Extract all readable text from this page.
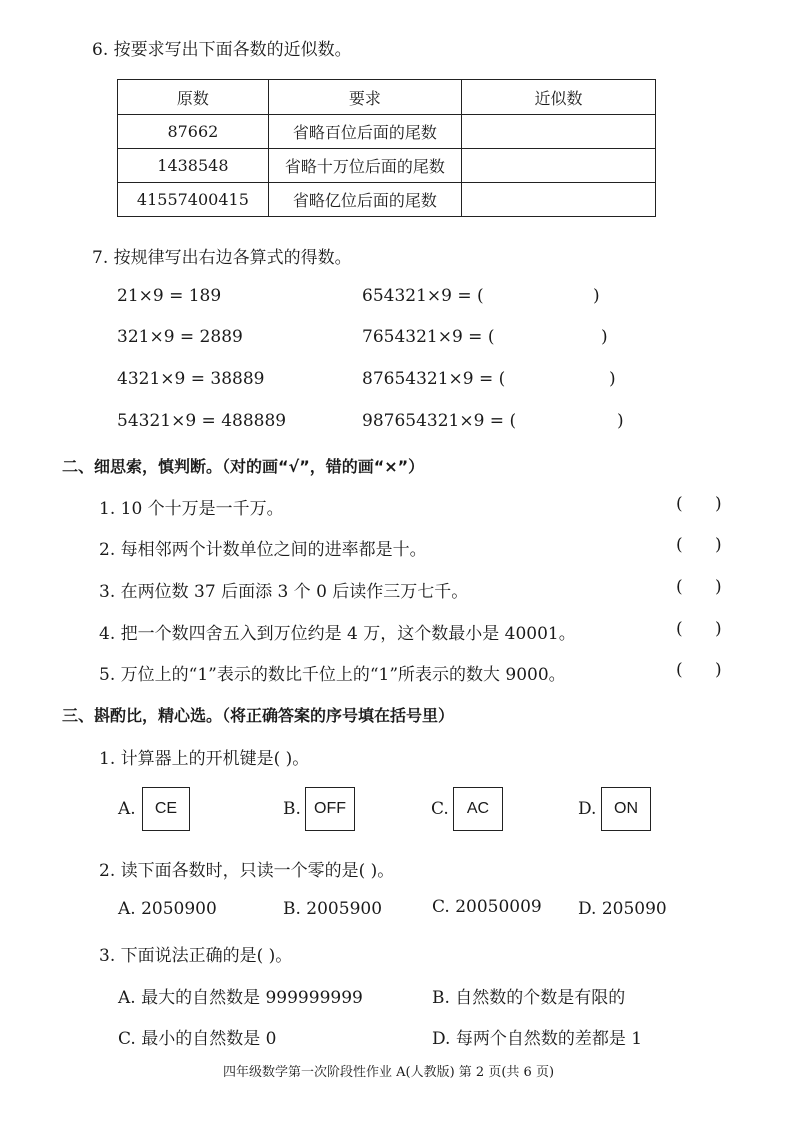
6. 按要求写出下面各数的近似数。
原数	要求	近似数
87662	省略百位后面的尾数	
1438548	省略十万位后面的尾数	
41557400415	省略亿位后面的尾数	
7. 按规律写出右边各算式的得数。
21×9 = 189
321×9 = 2889
4321×9 = 38889
54321×9 = 488889
654321×9 = (	)
7654321×9 = (	)
87654321×9 = (	)
987654321×9 = (	)
二、细思索，慎判断。（对的画“√”，错的画“×”）
1. 10 个十万是一千万。	(      )
2. 每相邻两个计数单位之间的进率都是十。	(      )
3. 在两位数 37 后面添 3 个 0 后读作三万七千。	(      )
4. 把一个数四舍五入到万位约是 4 万，这个数最小是 40001。	(      )
5. 万位上的“1”表示的数比千位上的“1”所表示的数大 9000。	(      )
三、斟酌比，精心选。（将正确答案的序号填在括号里）
1. 计算器上的开机键是( )。
A.	CE	B. OFF	C.	AC	D.	ON
2. 读下面各数时，只读一个零的是( )。
A. 2050900	B. 2005900	C. 20050009 D. 205090
3. 下面说法正确的是( )。
A. 最大的自然数是 999999999	B. 自然数的个数是有限的
C. 最小的自然数是 0	D. 每两个自然数的差都是 1
四年级数学第一次阶段性作业 A(人教版) 第 2 页(共 6 页)
